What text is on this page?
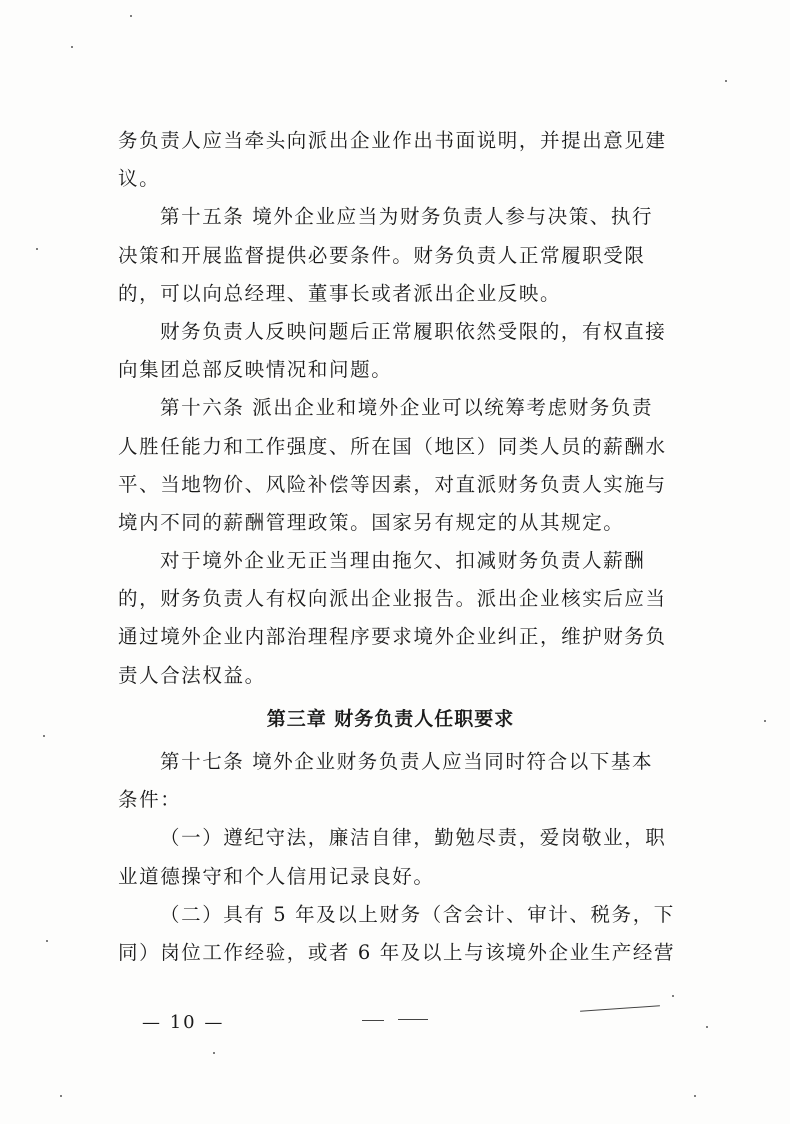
务负责人应当牵头向派出企业作出书面说明，并提出意见建
议。
第十五条 境外企业应当为财务负责人参与决策、执行
决策和开展监督提供必要条件。财务负责人正常履职受限
的，可以向总经理、董事长或者派出企业反映。
财务负责人反映问题后正常履职依然受限的，有权直接
向集团总部反映情况和问题。
第十六条 派出企业和境外企业可以统筹考虑财务负责
人胜任能力和工作强度、所在国（地区）同类人员的薪酬水
平、当地物价、风险补偿等因素，对直派财务负责人实施与
境内不同的薪酬管理政策。国家另有规定的从其规定。
对于境外企业无正当理由拖欠、扣减财务负责人薪酬
的，财务负责人有权向派出企业报告。派出企业核实后应当
通过境外企业内部治理程序要求境外企业纠正，维护财务负
责人合法权益。
第三章 财务负责人任职要求
第十七条 境外企业财务负责人应当同时符合以下基本
条件：
（一）遵纪守法，廉洁自律，勤勉尽责，爱岗敬业，职
业道德操守和个人信用记录良好。
（二）具有 5 年及以上财务（含会计、审计、税务，下
同）岗位工作经验，或者 6 年及以上与该境外企业生产经营
— 10 —
